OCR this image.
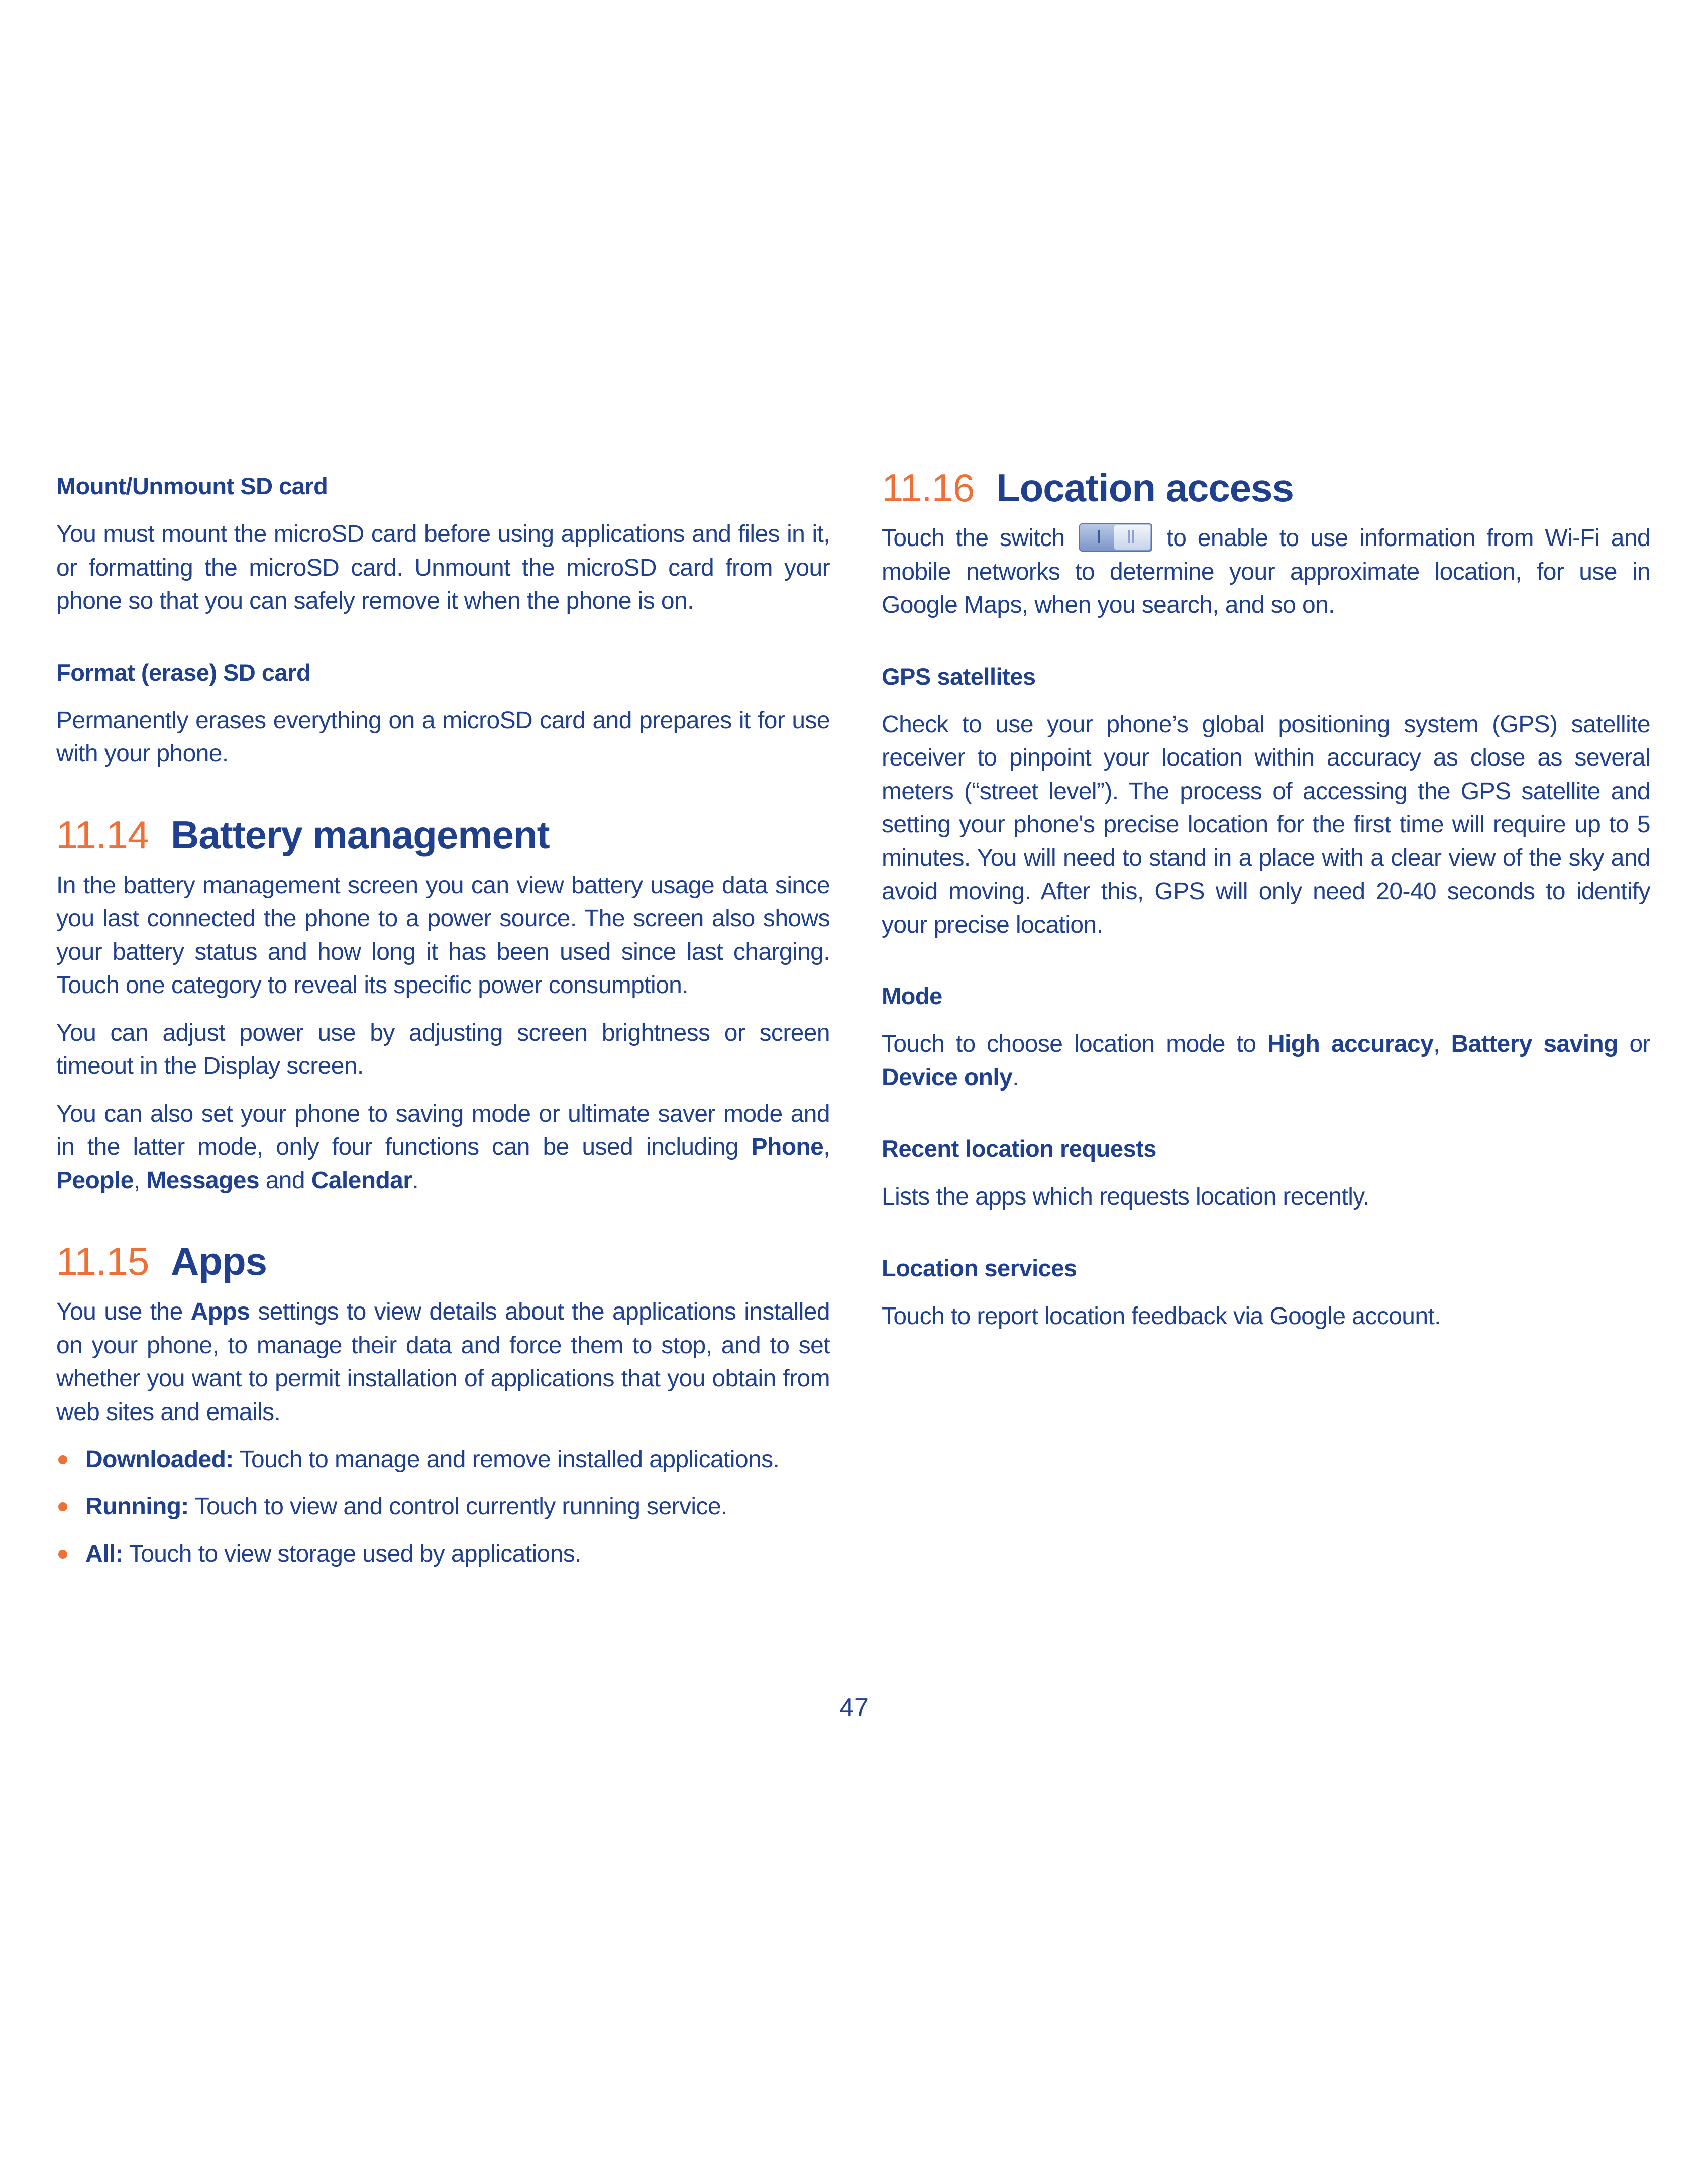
Mount/Unmount SD card
You must mount the microSD card before using applications and files in it, or formatting the microSD card. Unmount the microSD card from your phone so that you can safely remove it when the phone is on.
Format (erase) SD card
Permanently erases everything on a microSD card and prepares it for use with your phone.
11.14 Battery management
In the battery management screen you can view battery usage data since you last connected the phone to a power source. The screen also shows your battery status and how long it has been used since last charging. Touch one category to reveal its specific power consumption.
You can adjust power use by adjusting screen brightness or screen timeout in the Display screen.
You can also set your phone to saving mode or ultimate saver mode and in the latter mode, only four functions can be used including Phone, People, Messages and Calendar.
11.15 Apps
You use the Apps settings to view details about the applications installed on your phone, to manage their data and force them to stop, and to set whether you want to permit installation of applications that you obtain from web sites and emails.
Downloaded: Touch to manage and remove installed applications.
Running: Touch to view and control currently running service.
All: Touch to view storage used by applications.
11.16 Location access
Touch the switch	to enable to use information from Wi-Fi and mobile networks to determine your approximate location, for use in Google Maps, when you search, and so on.
GPS satellites
Check to use your phone’s global positioning system (GPS) satellite receiver to pinpoint your location within accuracy as close as several meters (“street level”). The process of accessing the GPS satellite and setting your phone's precise location for the first time will require up to 5 minutes. You will need to stand in a place with a clear view of the sky and avoid moving. After this, GPS will only need 20-40 seconds to identify your precise location.
Mode
Touch to choose location mode to High accuracy, Battery saving or Device only.
Recent location requests
Lists the apps which requests location recently.
Location services
Touch to report location feedback via Google account.
47
